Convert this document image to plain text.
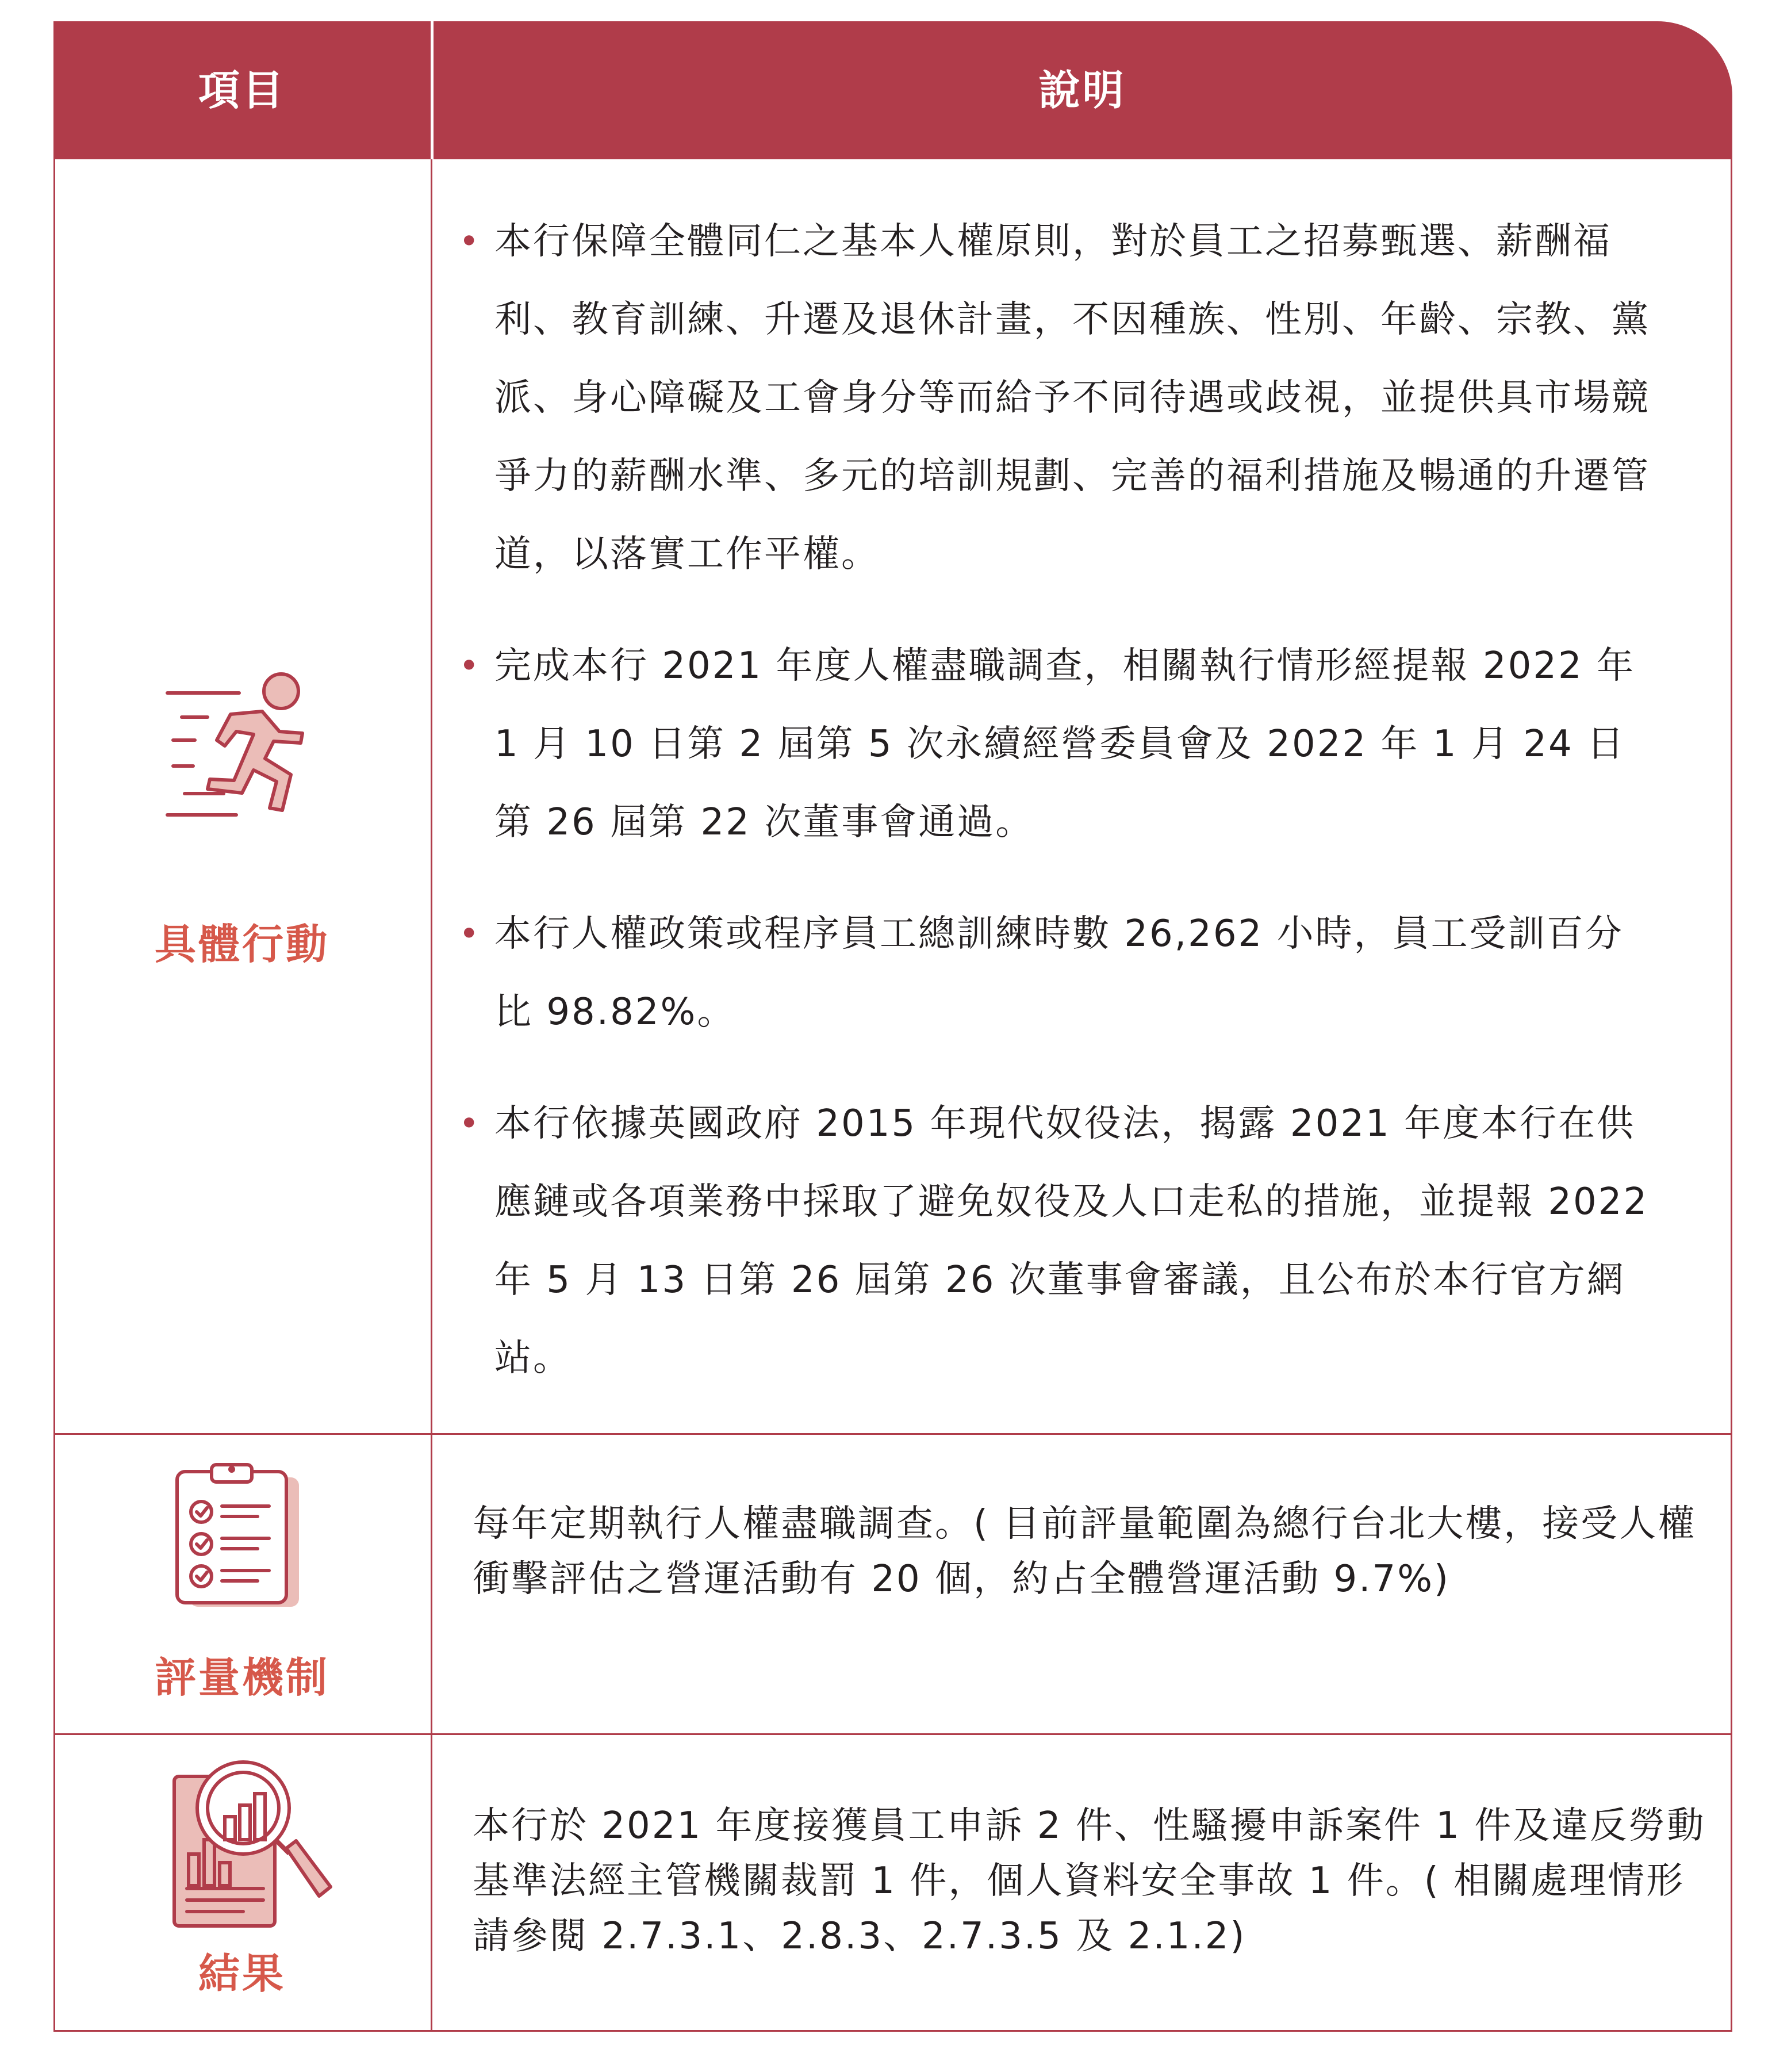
項目	說明
具體行動
• 本行保障全體同仁之基本人權原則，對於員工之招募甄選、薪酬福利、教育訓練、升遷及退休計畫，不因種族、性別、年齡、宗教、黨派、身心障礙及工會身分等而給予不同待遇或歧視，並提供具市場競爭力的薪酬水準、多元的培訓規劃、完善的福利措施及暢通的升遷管道，以落實工作平權。
• 完成本行 2021 年度人權盡職調查，相關執行情形經提報 2022 年 1 月 10 日第 2 屆第 5 次永續經營委員會及 2022 年 1 月 24 日第 26 屆第 22 次董事會通過。
• 本行人權政策或程序員工總訓練時數 26,262 小時，員工受訓百分比 98.82%。
• 本行依據英國政府 2015 年現代奴役法，揭露 2021 年度本行在供應鏈或各項業務中採取了避免奴役及人口走私的措施，並提報 2022 年 5 月 13 日第 26 屆第 26 次董事會審議，且公布於本行官方網站。
評量機制
每年定期執行人權盡職調查。( 目前評量範圍為總行台北大樓，接受人權衝擊評估之營運活動有 20 個，約占全體營運活動 9.7%)
結果
本行於 2021 年度接獲員工申訴 2 件、性騷擾申訴案件 1 件及違反勞動基準法經主管機關裁罰 1 件，個人資料安全事故 1 件。( 相關處理情形請參閱 2.7.3.1、2.8.3、2.7.3.5 及 2.1.2)
